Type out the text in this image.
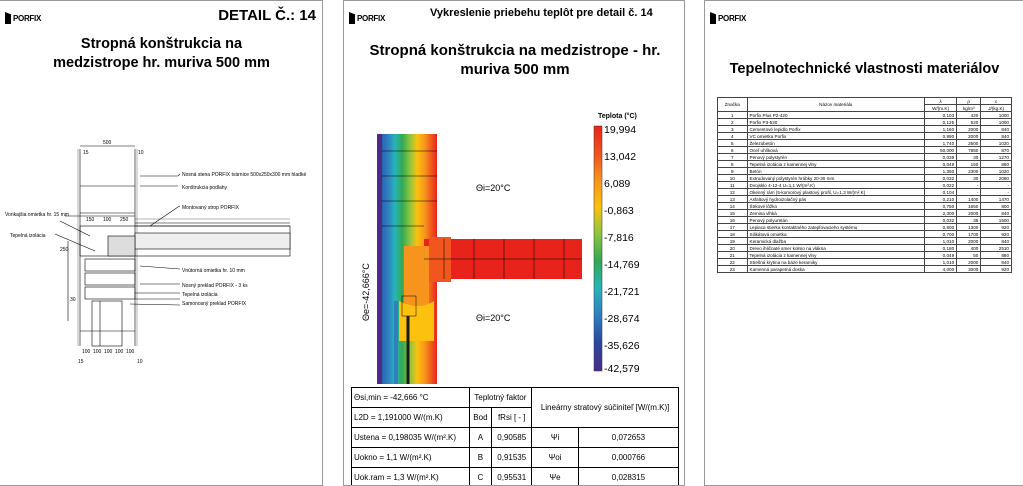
PORFIX	DETAIL Č.: 14
Stropná konštrukcia na
medzistrope hr. muriva 500 mm
500
15	10
150 100 250
250
30
100 100 100 100 100
15	10
Nosná stena PORFIX tvárnice 500x250x300 mm hladké
Konštrukcia podlahy
Montovaný strop PORFIX
Vonkajšia omietka hr. 15 mm
Tepelná izolácia
Vnútorná omietka hr. 10 mm
Nosný preklad PORFIX - 3 ks
Tepelná izolácia
Samonosný preklad PORFIX
PORFIX	Vykreslenie priebehu teplôt pre detail č. 14
Stropná konštrukcia na medzistrope - hr.
muriva 500 mm
Θi=20°C
Θi=20°C
Θe=-42,666°C
Teplota (°C)
19,994
13,042
6,089
-0,863
-7,816
-14,769
-21,721
-28,674
-35,626
-42,579
Θsi,min = -42,666 °C	Teplotný faktor		Lineárny stratový súčiniteľ [W/(m.K)]	
L2D = 1,191000 W/(m.K)	Bod	fRsi [ - ]		
Ustena = 0,198035 W/(m².K)	A	0,90585	Ψi	0,072653
Uokno = 1,1 W/(m².K)	B	0,91535	Ψoi	0,000766
Uok.ram = 1,3 W/(m².K)	C	0,95531	Ψe	0,028315
PORFIX
Tepelnotechnické vlastnosti materiálov
Značka	Názov materiálu	λ	ρ	c
		W/(m.K)	kg/m³	J/(kg.K)
1	Porfix Plus P2-420	0,103	420	1000
2	Porfix P3-520	0,125	520	1000
3	Cementové lepidlo Porfix	1,160	2000	840
4	VC omietka Porfix	0,990	2000	840
5	Železobetón	1,740	2500	1020
6	Oceľ uhlíková	50,000	7850	870
7	Penový polystyrén	0,039	30	1270
8	Tepelná izolácia z kamennej vlny	0,049	150	880
9	Betón	1,360	2300	1020
10	Extrudovaný polystyrén hrúbky 20-30 mm	0,032	30	2060
11	Dvojsklo 4-12-4 U=1,1 W/(m².K)	0,022	-	-
12	Okenný rám (5-komorový plastový profil, U=1,3 W/(m².K)	0,104	-	-
13	Asfaltový hydroizolačný pás	0,210	1400	1470
14	Štrkové lôžko	0,750	1650	800
15	Zemina vlhká	2,300	2000	840
16	Penový polyuretán	0,032	35	1500
17	Lepiaca stierka kontaktného zatepľovacieho systému	0,800	1300	920
18	Silikátová omietka	0,700	1700	920
19	Keramická dlažba	1,010	2000	840
20	Drevo ihličnaté smer kolmo na vlákna	0,180	400	2510
21	Tepelná izolácia z kamennej vlny	0,049	50	880
22	Strešná krytina na báze keramiky	1,010	2000	840
23	Kamenná parapetná doska	4,000	3000	920
